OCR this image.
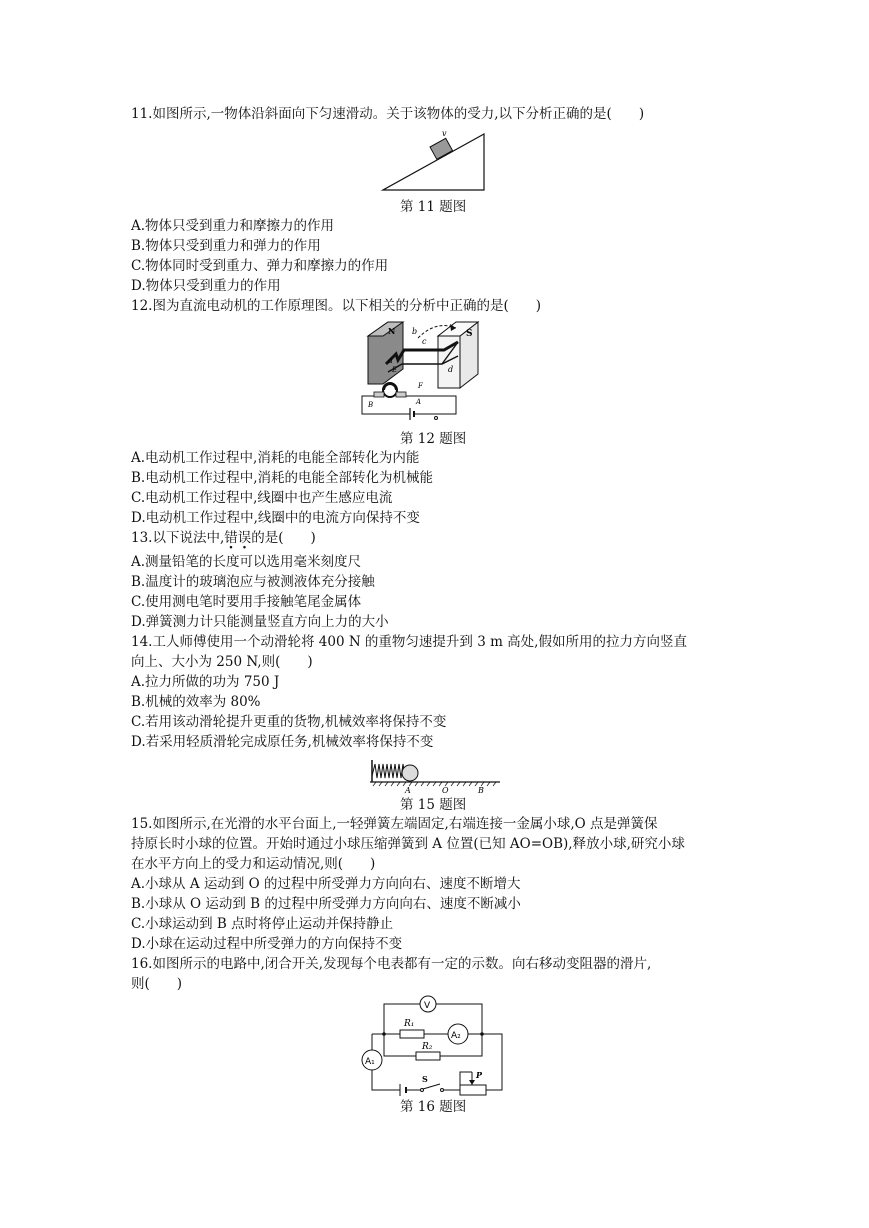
11.如图所示,一物体沿斜面向下匀速滑动。关于该物体的受力,以下分析正确的是(　　)
v
第 11 题图
A.物体只受到重力和摩擦力的作用
B.物体只受到重力和弹力的作用
C.物体同时受到重力、弹力和摩擦力的作用
D.物体只受到重力的作用
12.图为直流电动机的工作原理图。以下相关的分析中正确的是(　　)
N	S
a
b
c
d
E
F
B	A
第 12 题图
A.电动机工作过程中,消耗的电能全部转化为内能
B.电动机工作过程中,消耗的电能全部转化为机械能
C.电动机工作过程中,线圈中也产生感应电流
D.电动机工作过程中,线圈中的电流方向保持不变
13.以下说法中,错误的是(　　)
A.测量铅笔的长度可以选用毫米刻度尺
B.温度计的玻璃泡应与被测液体充分接触
C.使用测电笔时要用手接触笔尾金属体
D.弹簧测力计只能测量竖直方向上力的大小
14.工人师傅使用一个动滑轮将 400 N 的重物匀速提升到 3 m 高处,假如所用的拉力方向竖直
向上、大小为 250 N,则(　　)
A.拉力所做的功为 750 J
B.机械的效率为 80%
C.若用该动滑轮提升更重的货物,机械效率将保持不变
D.若采用轻质滑轮完成原任务,机械效率将保持不变
A	O	B
第 15 题图
15.如图所示,在光滑的水平台面上,一轻弹簧左端固定,右端连接一金属小球,O 点是弹簧保
持原长时小球的位置。开始时通过小球压缩弹簧到 A 位置(已知 AO=OB),释放小球,研究小球
在水平方向上的受力和运动情况,则(　　)
A.小球从 A 运动到 O 的过程中所受弹力方向向右、速度不断增大
B.小球从 O 运动到 B 的过程中所受弹力方向向右、速度不断减小
C.小球运动到 B 点时将停止运动并保持静止
D.小球在运动过程中所受弹力的方向保持不变
16.如图所示的电路中,闭合开关,发现每个电表都有一定的示数。向右移动变阻器的滑片,
则(　　)
V
R₁
R₂
A₂
A₁
S	P
第 16 题图
